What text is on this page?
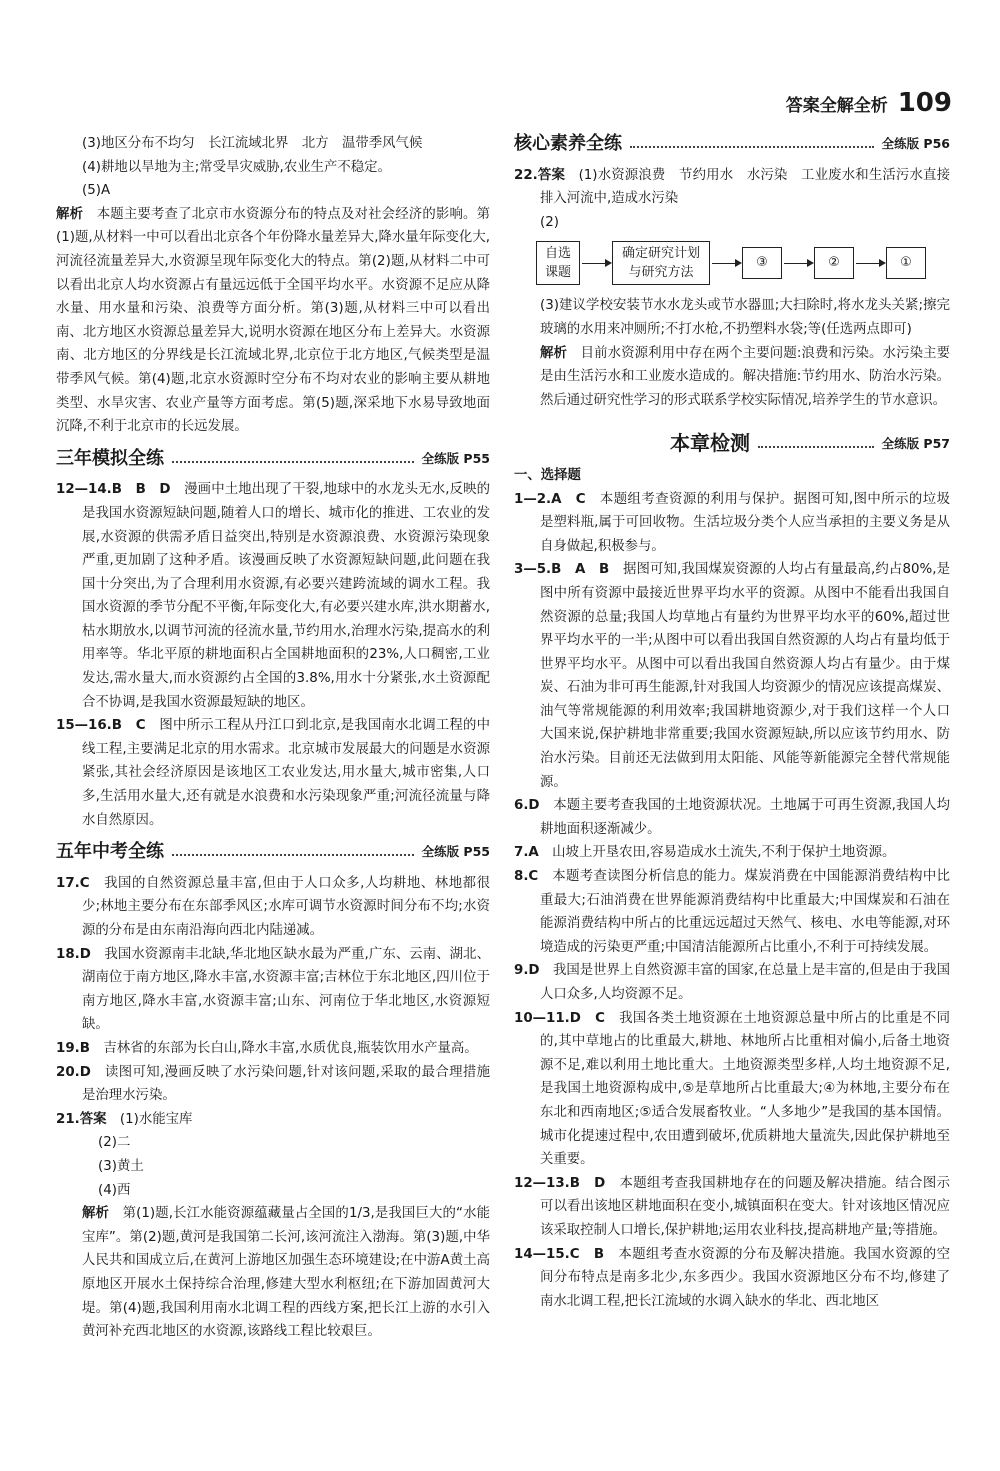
答案全解全析 109

(3)地区分布不均匀　长江流域北界　北方　温带季风气候

(4)耕地以旱地为主;常受旱灾威胁,农业生产不稳定。

(5)A

解析　 本题主要考查了北京市水资源分布的特点及对社会经济的影响。第(1)题,从材料一中可以看出北京各个年份降水量差异大,降水量年际变化大,河流径流量差异大,水资源呈现年际变化大的特点。第(2)题,从材料二中可以看出北京人均水资源占有量远远低于全国平均水平。水资源不足应从降水量、用水量和污染、浪费等方面分析。第(3)题,从材料三中可以看出南、北方地区水资源总量差异大,说明水资源在地区分布上差异大。水资源南、北方地区的分界线是长江流域北界,北京位于北方地区,气候类型是温带季风气候。第(4)题,北京水资源时空分布不均对农业的影响主要从耕地类型、水旱灾害、农业产量等方面考虑。第(5)题,深采地下水易导致地面沉降,不利于北京市的长远发展。

三年模拟全练	全练版 P55

12—14.B　B　D　 漫画中土地出现了干裂,地球中的水龙头无水,反映的是我国水资源短缺问题,随着人口的增长、城市化的推进、工农业的发展,水资源的供需矛盾日益突出,特别是水资源浪费、水资源污染现象严重,更加剧了这种矛盾。该漫画反映了水资源短缺问题,此问题在我国十分突出,为了合理利用水资源,有必要兴建跨流域的调水工程。我国水资源的季节分配不平衡,年际变化大,有必要兴建水库,洪水期蓄水,枯水期放水,以调节河流的径流水量,节约用水,治理水污染,提高水的利用率等。华北平原的耕地面积占全国耕地面积的23%,人口稠密,工业发达,需水量大,而水资源约占全国的3.8%,用水十分紧张,水土资源配合不协调,是我国水资源最短缺的地区。

15—16.B　C　 图中所示工程从丹江口到北京,是我国南水北调工程的中线工程,主要满足北京的用水需求。北京城市发展最大的问题是水资源紧张,其社会经济原因是该地区工农业发达,用水量大,城市密集,人口多,生活用水量大,还有就是水浪费和水污染现象严重;河流径流量与降水自然原因。

五年中考全练	全练版 P55

17.C　 我国的自然资源总量丰富,但由于人口众多,人均耕地、林地都很少;林地主要分布在东部季风区;水库可调节水资源时间分布不均;水资源的分布是由东南沿海向西北内陆递减。

18.D　 我国水资源南丰北缺,华北地区缺水最为严重,广东、云南、湖北、湖南位于南方地区,降水丰富,水资源丰富;吉林位于东北地区,四川位于南方地区,降水丰富,水资源丰富;山东、河南位于华北地区,水资源短缺。

19.B　 吉林省的东部为长白山,降水丰富,水质优良,瓶装饮用水产量高。

20.D　 读图可知,漫画反映了水污染问题,针对该问题,采取的最合理措施是治理水污染。

21.答案　 (1)水能宝库

(2)二

(3)黄土

(4)西

解析　 第(1)题,长江水能资源蕴藏量占全国的1/3,是我国巨大的“水能宝库”。第(2)题,黄河是我国第二长河,该河流注入渤海。第(3)题,中华人民共和国成立后,在黄河上游地区加强生态环境建设;在中游A黄土高原地区开展水土保持综合治理,修建大型水利枢纽;在下游加固黄河大堤。第(4)题,我国利用南水北调工程的西线方案,把长江上游的水引入黄河补充西北地区的水资源,该路线工程比较艰巨。

核心素养全练	全练版 P56

22.答案　 (1)水资源浪费　节约用水　水污染　工业废水和生活污水直接排入河流中,造成水污染

(2)

自选课题
确定研究计划与研究方法
③	②	①

(3)建议学校安装节水水龙头或节水器皿;大扫除时,将水龙头关紧;擦完玻璃的水用来冲厕所;不打水枪,不扔塑料水袋;等(任选两点即可)

解析　 目前水资源利用中存在两个主要问题:浪费和污染。水污染主要是由生活污水和工业废水造成的。解决措施:节约用水、防治水污染。然后通过研究性学习的形式联系学校实际情况,培养学生的节水意识。

本章检测	全练版 P57

一、选择题

1—2.A　C　 本题组考查资源的利用与保护。据图可知,图中所示的垃圾是塑料瓶,属于可回收物。生活垃圾分类个人应当承担的主要义务是从自身做起,积极参与。

3—5.B　A　B　 据图可知,我国煤炭资源的人均占有量最高,约占80%,是图中所有资源中最接近世界平均水平的资源。从图中不能看出我国自然资源的总量;我国人均草地占有量约为世界平均水平的60%,超过世界平均水平的一半;从图中可以看出我国自然资源的人均占有量均低于世界平均水平。从图中可以看出我国自然资源人均占有量少。由于煤炭、石油为非可再生能源,针对我国人均资源少的情况应该提高煤炭、油气等常规能源的利用效率;我国耕地资源少,对于我们这样一个人口大国来说,保护耕地非常重要;我国水资源短缺,所以应该节约用水、防治水污染。目前还无法做到用太阳能、风能等新能源完全替代常规能源。

6.D　 本题主要考查我国的土地资源状况。土地属于可再生资源,我国人均耕地面积逐渐减少。

7.A　 山坡上开垦农田,容易造成水土流失,不利于保护土地资源。

8.C　 本题考查读图分析信息的能力。煤炭消费在中国能源消费结构中比重最大;石油消费在世界能源消费结构中比重最大;中国煤炭和石油在能源消费结构中所占的比重远远超过天然气、核电、水电等能源,对环境造成的污染更严重;中国清洁能源所占比重小,不利于可持续发展。

9.D　 我国是世界上自然资源丰富的国家,在总量上是丰富的,但是由于我国人口众多,人均资源不足。

10—11.D　C　 我国各类土地资源在土地资源总量中所占的比重是不同的,其中草地占的比重最大,耕地、林地所占比重相对偏小,后备土地资源不足,难以利用土地比重大。土地资源类型多样,人均土地资源不足,是我国土地资源构成中,⑤是草地所占比重最大;④为林地,主要分布在东北和西南地区;⑤适合发展畜牧业。“人多地少”是我国的基本国情。城市化提速过程中,农田遭到破坏,优质耕地大量流失,因此保护耕地至关重要。

12—13.B　D　 本题组考查我国耕地存在的问题及解决措施。结合图示可以看出该地区耕地面积在变小,城镇面积在变大。针对该地区情况应该采取控制人口增长,保护耕地;运用农业科技,提高耕地产量;等措施。

14—15.C　B　 本题组考查水资源的分布及解决措施。我国水资源的空间分布特点是南多北少,东多西少。我国水资源地区分布不均,修建了南水北调工程,把长江流域的水调入缺水的华北、西北地区
